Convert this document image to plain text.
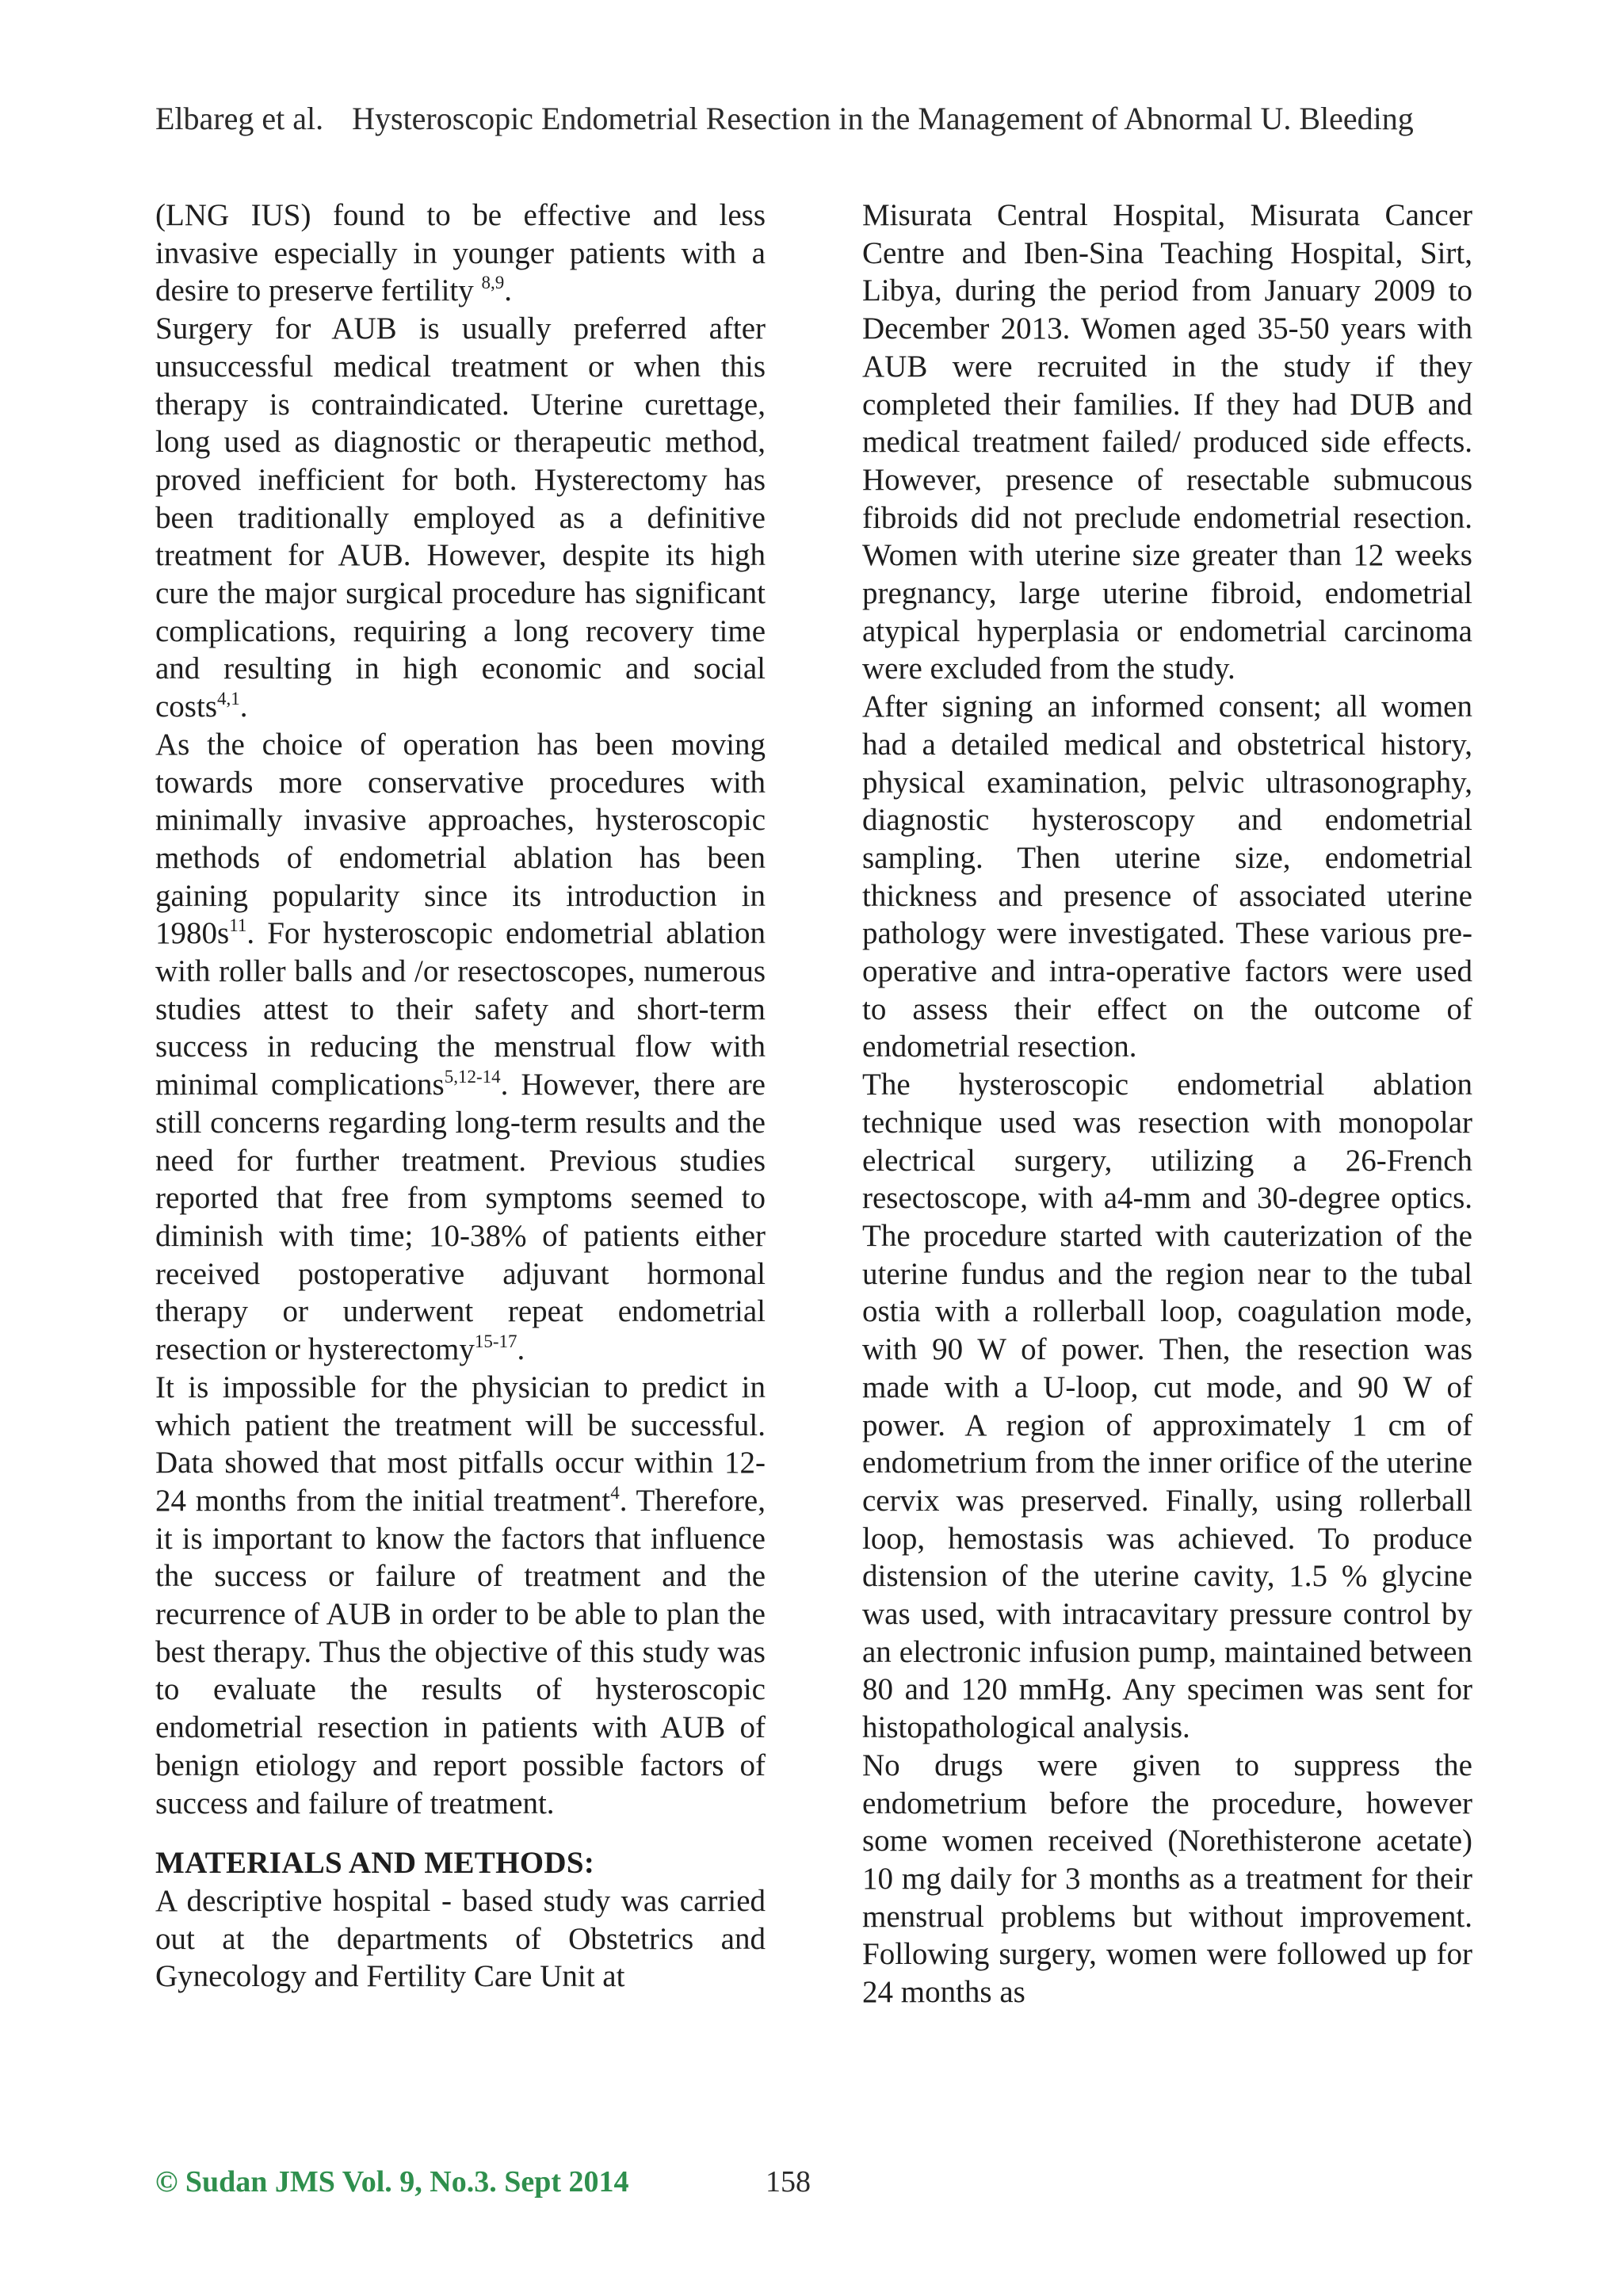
Elbareg et al. Hysteroscopic Endometrial Resection in the Management of Abnormal U. Bleeding

(LNG IUS) found to be effective and less invasive especially in younger patients with a desire to preserve fertility $^{8,9}$.

Surgery for AUB is usually preferred after unsuccessful medical treatment or when this therapy is contraindicated. Uterine curettage, long used as diagnostic or therapeutic method, proved inefficient for both. Hysterectomy has been traditionally employed as a definitive treatment for AUB. However, despite its high cure the major surgical procedure has significant complications, requiring a long recovery time and resulting in high economic and social costs$^{4,1}$.

As the choice of operation has been moving towards more conservative procedures with minimally invasive approaches, hysteroscopic methods of endometrial ablation has been gaining popularity since its introduction in $1980s^{11}$. For hysteroscopic endometrial ablation with roller balls and /or resectoscopes, numerous studies attest to their safety and short-term success in reducing the menstrual flow with minimal complications$^{5,12-14}$. However, there are still concerns regarding long-term results and the need for further treatment. Previous studies reported that free from symptoms seemed to diminish with time; 10-38% of patients either received postoperative adjuvant hormonal therapy or underwent repeat endometrial resection or hysterectomy$^{15-17}$.

It is impossible for the physician to predict in which patient the treatment will be successful. Data showed that most pitfalls occur within 12-24 months from the initial treatment$^4$. Therefore, it is important to know the factors that influence the success or failure of treatment and the recurrence of AUB in order to be able to plan the best therapy. Thus the objective of this study was to evaluate the results of hysteroscopic endometrial resection in patients with AUB of benign etiology and report possible factors of success and failure of treatment.

MATERIALS AND METHODS:

A descriptive hospital - based study was carried out at the departments of Obstetrics and Gynecology and Fertility Care Unit at

Misurata Central Hospital, Misurata Cancer Centre and Iben-Sina Teaching Hospital, Sirt, Libya, during the period from January 2009 to December 2013. Women aged 35-50 years with AUB were recruited in the study if they completed their families. If they had DUB and medical treatment failed/ produced side effects. However, presence of resectable submucous fibroids did not preclude endometrial resection. Women with uterine size greater than 12 weeks pregnancy, large uterine fibroid, endometrial atypical hyperplasia or endometrial carcinoma were excluded from the study.

After signing an informed consent; all women had a detailed medical and obstetrical history, physical examination, pelvic ultrasonography, diagnostic hysteroscopy and endometrial sampling. Then uterine size, endometrial thickness and presence of associated uterine pathology were investigated. These various pre-operative and intra-operative factors were used to assess their effect on the outcome of endometrial resection.

The hysteroscopic endometrial ablation technique used was resection with monopolar electrical surgery, utilizing a 26-French resectoscope, with a4-mm and 30-degree optics. The procedure started with cauterization of the uterine fundus and the region near to the tubal ostia with a rollerball loop, coagulation mode, with 90 W of power. Then, the resection was made with a U-loop, cut mode, and 90 W of power. A region of approximately 1 cm of endometrium from the inner orifice of the uterine cervix was preserved. Finally, using rollerball loop, hemostasis was achieved. To produce distension of the uterine cavity, 1.5 % glycine was used, with intracavitary pressure control by an electronic infusion pump, maintained between 80 and 120 mmHg. Any specimen was sent for histopathological analysis.

No drugs were given to suppress the endometrium before the procedure, however some women received (Norethisterone acetate) 10 mg daily for 3 months as a treatment for their menstrual problems but without improvement. Following surgery, women were followed up for 24 months as

© Sudan JMS Vol. 9, No.3. Sept 2014	158
